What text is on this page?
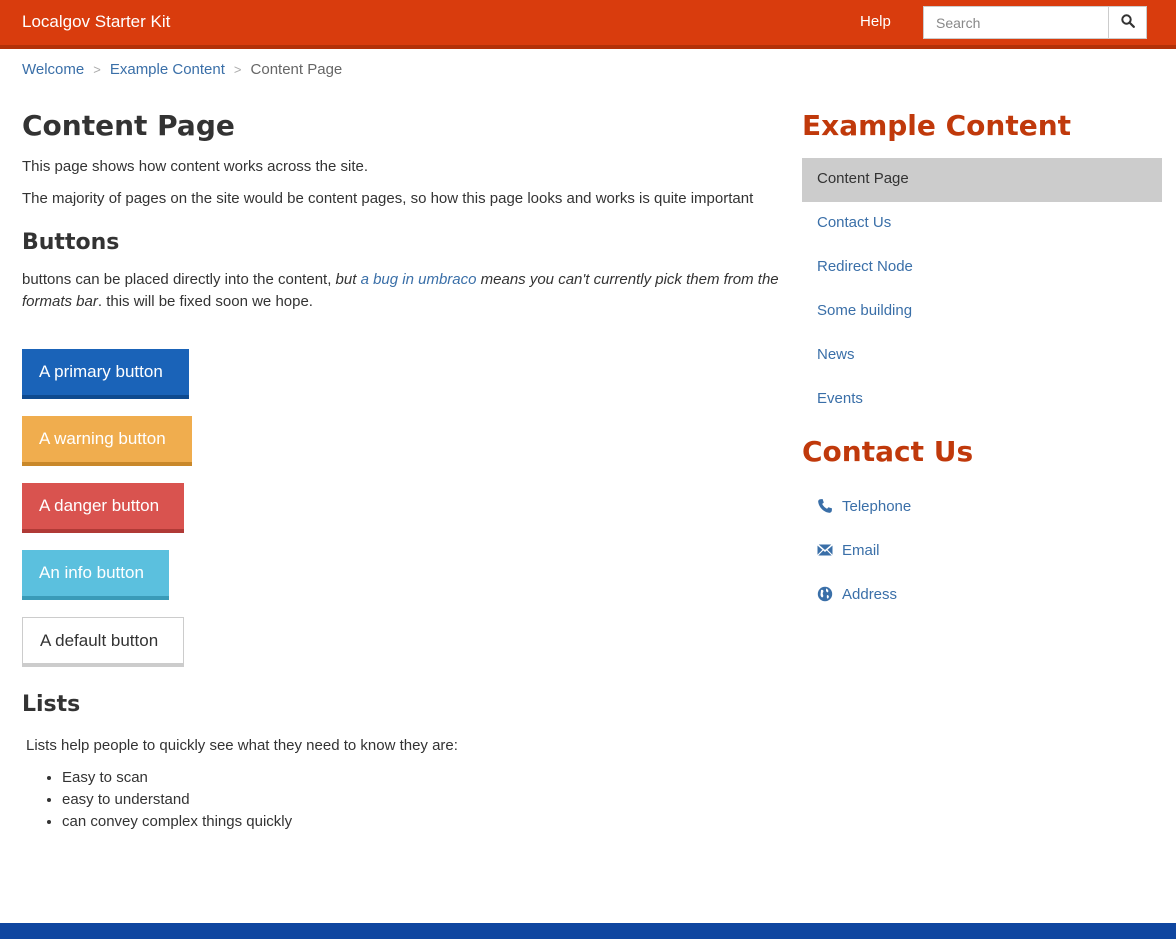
Localgov Starter Kit	Help
Search
Welcome > Example Content > Content Page
Content Page

This page shows how content works across the site.

The majority of pages on the site would be content pages, so how this page looks and works is quite important

Buttons

buttons can be placed directly into the content, but a bug in umbraco means you can't currently pick them from the formats bar. this will be fixed soon we hope.

A primary button
A warning button
A danger button
An info button
A default button
Lists

Lists help people to quickly see what they need to know they are:

• Easy to scan
• easy to understand
• can convey complex things quickly
Example Content
Content Page
Contact Us
Redirect Node
Some building
News
Events
Contact Us
Telephone
Email
Address
